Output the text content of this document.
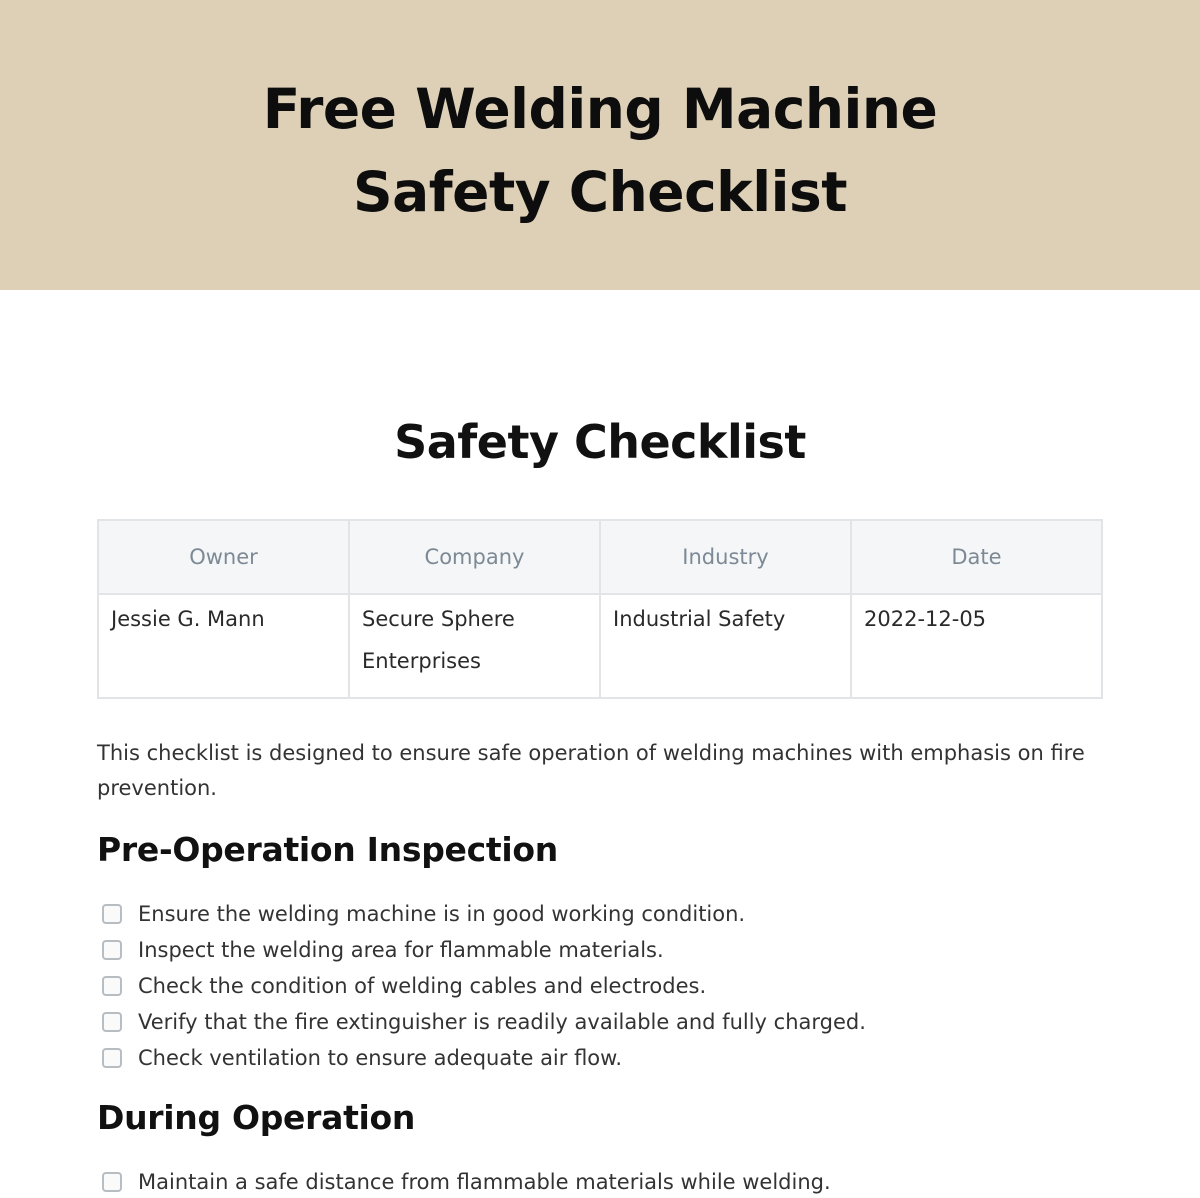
Free Welding Machine
Safety Checklist
Safety Checklist
Owner	Company	Industry	Date
Jessie G. Mann	Secure Sphere Enterprises	Industrial Safety	2022-12-05
This checklist is designed to ensure safe operation of welding machines with emphasis on fire prevention.
Pre-Operation Inspection
Ensure the welding machine is in good working condition.
Inspect the welding area for flammable materials.
Check the condition of welding cables and electrodes.
Verify that the fire extinguisher is readily available and fully charged.
Check ventilation to ensure adequate air flow.
During Operation
Maintain a safe distance from flammable materials while welding.
